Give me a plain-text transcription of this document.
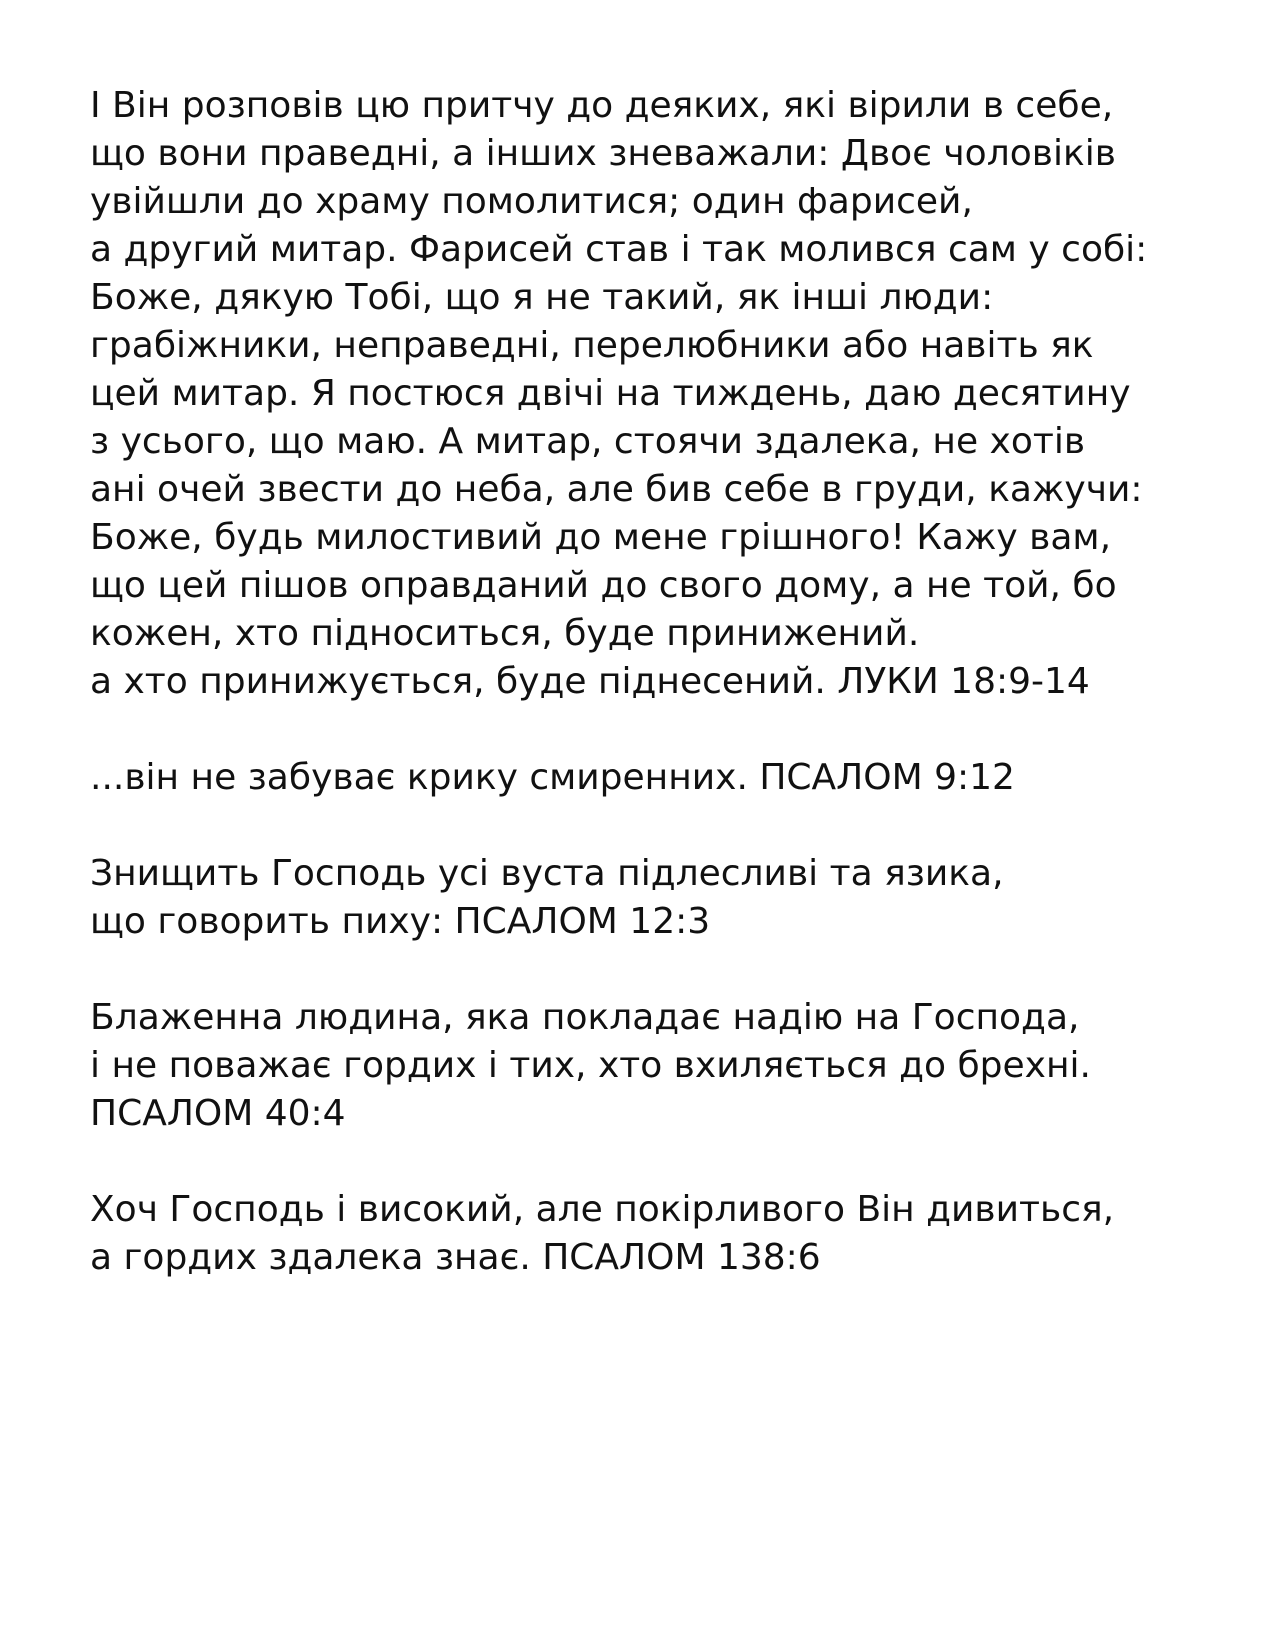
І Він розповів цю притчу до деяких, які вірили в себе,
що вони праведні, а інших зневажали: Двоє чоловіків
увійшли до храму помолитися; один фарисей,
а другий митар. Фарисей став і так молився сам у собі:
Боже, дякую Тобі, що я не такий, як інші люди:
грабіжники, неправедні, перелюбники або навіть як
цей митар. Я постюся двічі на тиждень, даю десятину
з усього, що маю. А митар, стоячи здалека, не хотів
ані очей звести до неба, але бив себе в груди, кажучи:
Боже, будь милостивий до мене грішного! Кажу вам,
що цей пішов оправданий до свого дому, а не той, бо
кожен, хто підноситься, буде принижений.
а хто принижується, буде піднесений. ЛУКИ 18:9-14
...він не забуває крику смиренних. ПСАЛОМ 9:12
Знищить Господь усі вуста підлесливі та язика,
що говорить пиху: ПСАЛОМ 12:3
Блаженна людина, яка покладає надію на Господа,
і не поважає гордих і тих, хто вхиляється до брехні.
ПСАЛОМ 40:4
Хоч Господь і високий, але покірливого Він дивиться,
а гордих здалека знає. ПСАЛОМ 138:6
